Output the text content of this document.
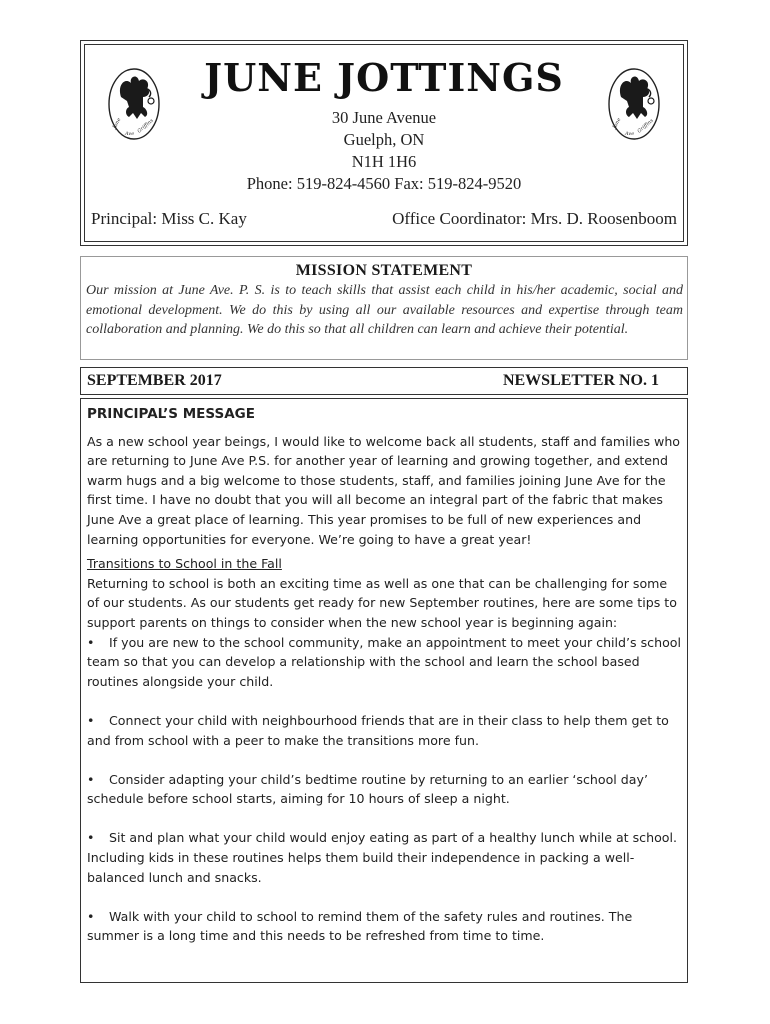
June
Ave Griffins
JUNE JOTTINGS
June
Ave Griffins
30 June Avenue
Guelph, ON
N1H 1H6
Phone: 519-824-4560 Fax: 519-824-9520
Principal: Miss C. Kay	Office Coordinator: Mrs. D. Roosenboom
MISSION STATEMENT
Our mission at June Ave. P. S. is to teach skills that assist each child in his/her academic, social and emotional development. We do this by using all our available resources and expertise through team collaboration and planning. We do this so that all children can learn and achieve their potential.
SEPTEMBER 2017	NEWSLETTER NO. 1
PRINCIPAL’S MESSAGE

As a new school year beings, I would like to welcome back all students, staff and families who are returning to June Ave P.S. for another year of learning and growing together, and extend warm hugs and a big welcome to those students, staff, and families joining June Ave for the first time. I have no doubt that you will all become an integral part of the fabric that makes June Ave a great place of learning. This year promises to be full of new experiences and learning opportunities for everyone. We’re going to have a great year!

Transitions to School in the Fall

Returning to school is both an exciting time as well as one that can be challenging for some of our students. As our students get ready for new September routines, here are some tips to support parents on things to consider when the new school year is beginning again:

• If you are new to the school community, make an appointment to meet your child’s school team so that you can develop a relationship with the school and learn the school based routines alongside your child.

• Connect your child with neighbourhood friends that are in their class to help them get to and from school with a peer to make the transitions more fun.

• Consider adapting your child’s bedtime routine by returning to an earlier ‘school day’ schedule before school starts, aiming for 10 hours of sleep a night.

• Sit and plan what your child would enjoy eating as part of a healthy lunch while at school. Including kids in these routines helps them build their independence in packing a well-balanced lunch and snacks.

• Walk with your child to school to remind them of the safety rules and routines. The summer is a long time and this needs to be refreshed from time to time.
